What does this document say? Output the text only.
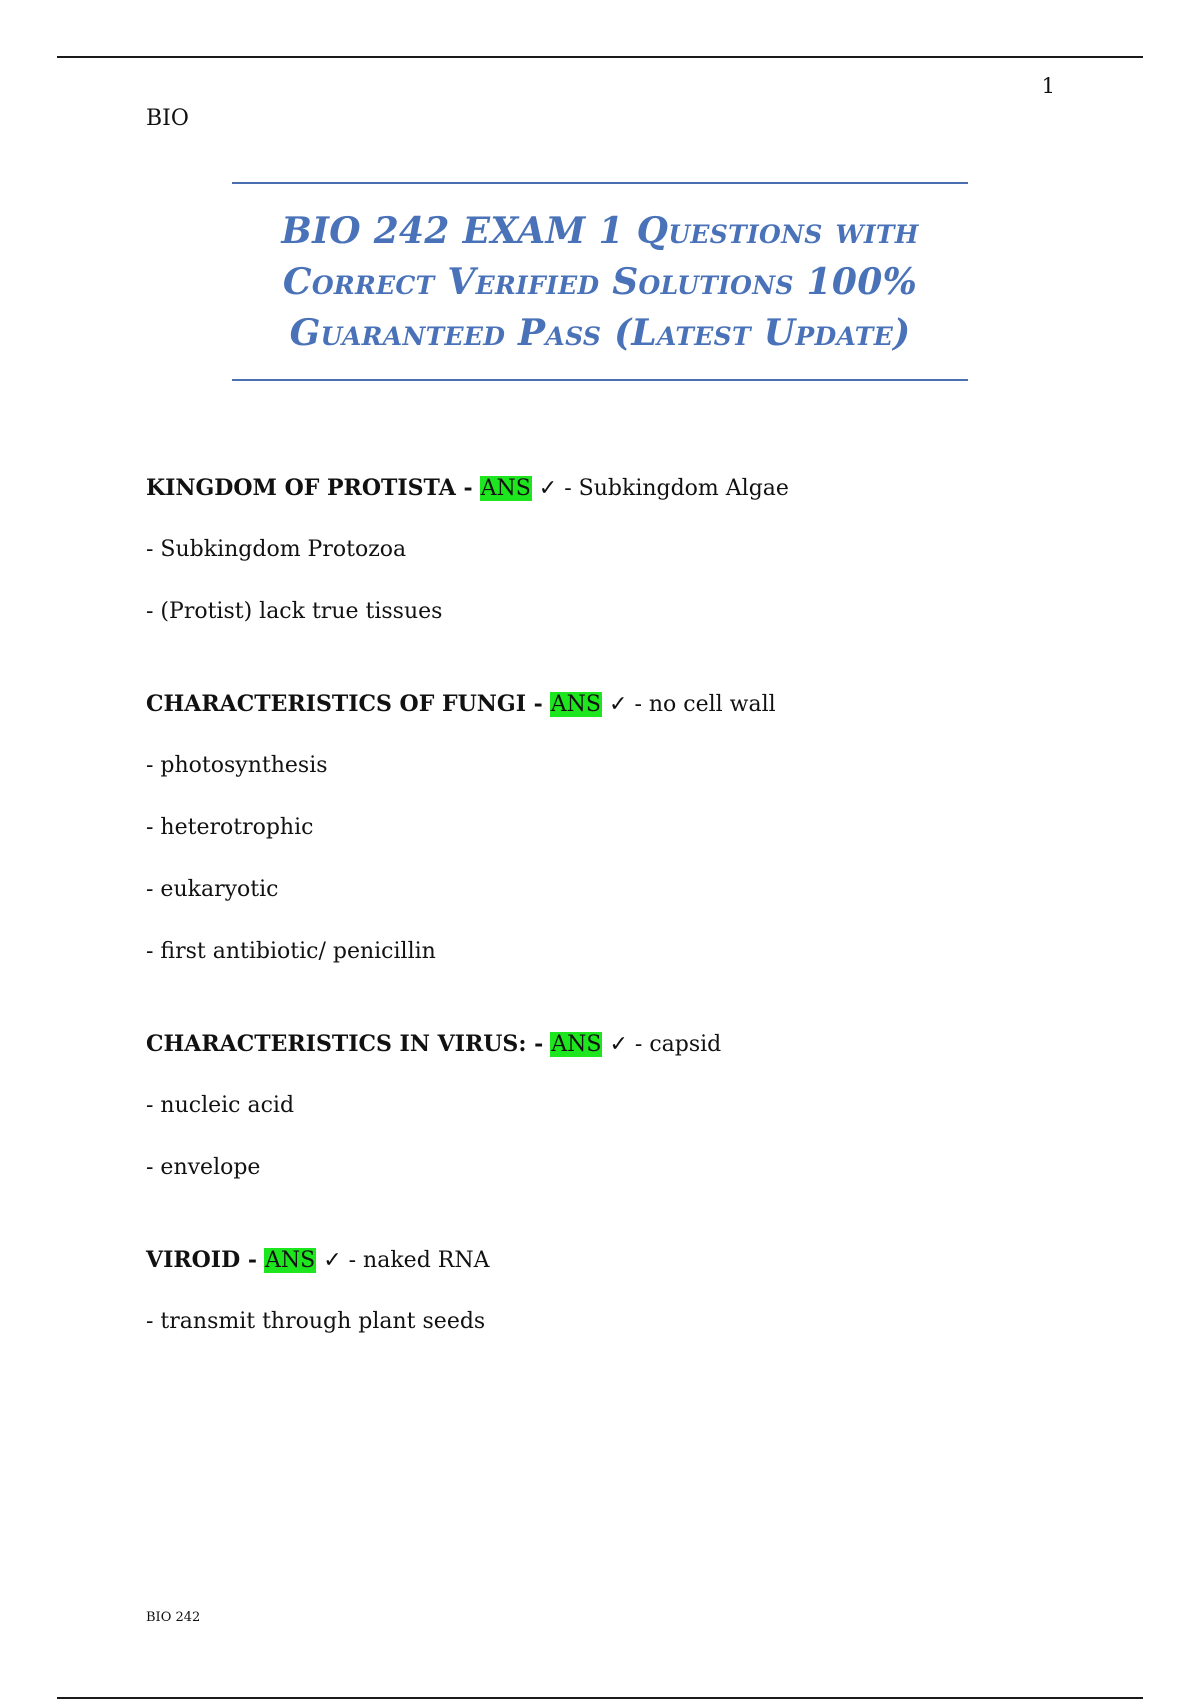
1
BIO
BIO 242 EXAM 1 Questions with Correct Verified Solutions 100% Guaranteed Pass (Latest Update)
KINGDOM OF PROTISTA - ANS ✓ - Subkingdom Algae
- Subkingdom Protozoa
- (Protist) lack true tissues
CHARACTERISTICS OF FUNGI - ANS ✓ - no cell wall
- photosynthesis
- heterotrophic
- eukaryotic
- first antibiotic/ penicillin
CHARACTERISTICS IN VIRUS: - ANS ✓ - capsid
- nucleic acid
- envelope
VIROID - ANS ✓ - naked RNA
- transmit through plant seeds
BIO 242
